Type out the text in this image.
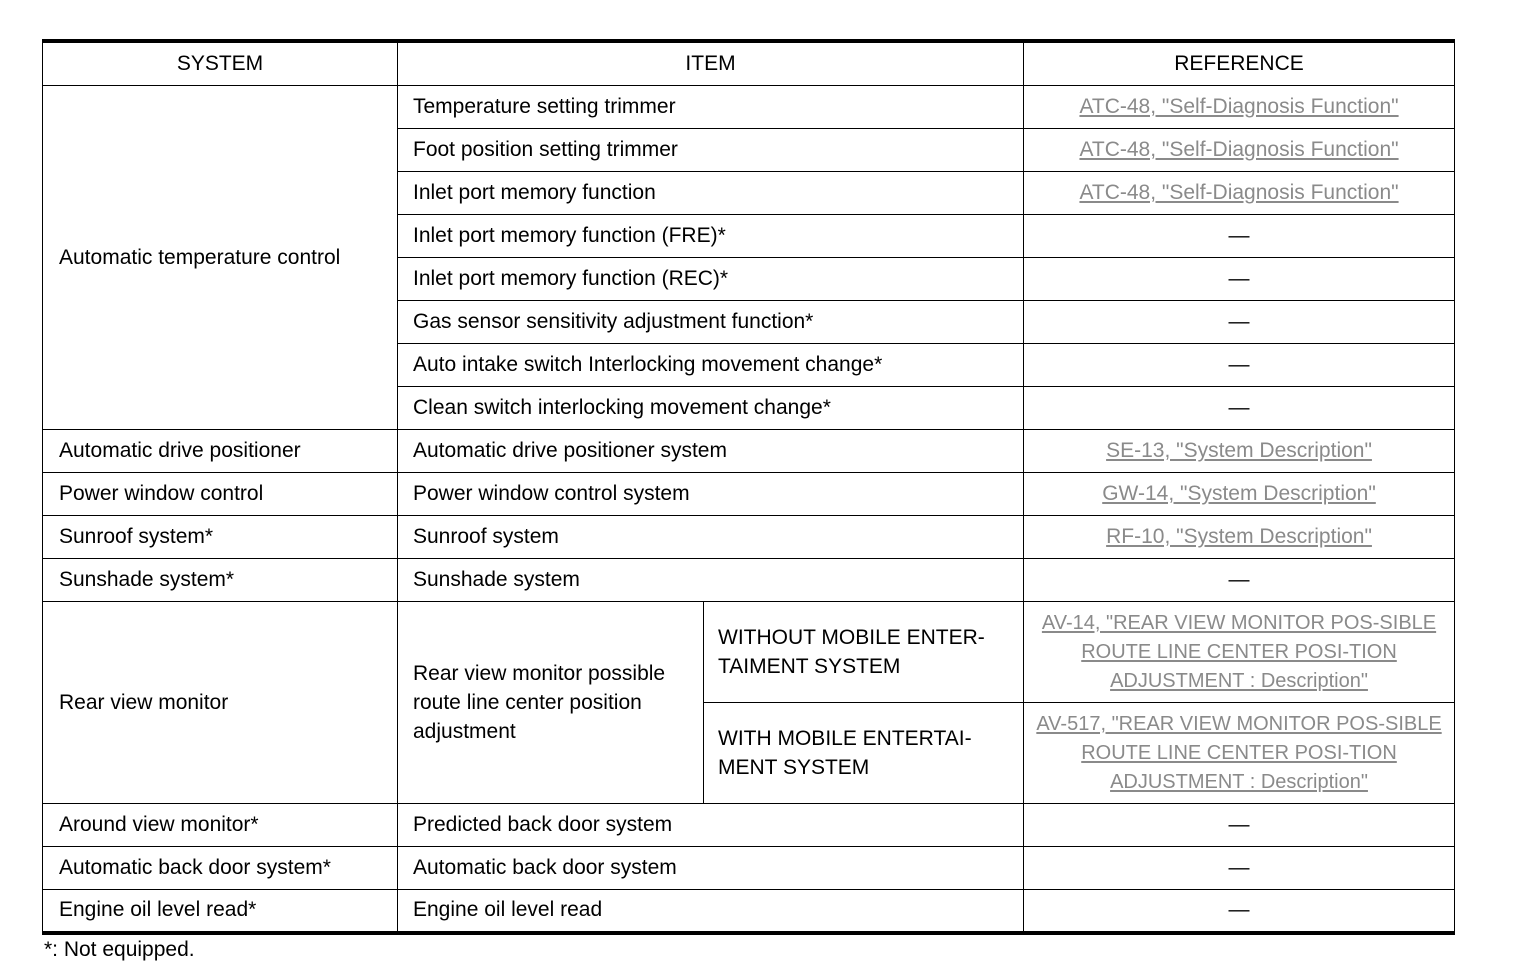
SYSTEM	ITEM		REFERENCE
Automatic temperature control	Temperature setting trimmer		ATC-48, "Self-Diagnosis Function"
	Foot position setting trimmer		ATC-48, "Self-Diagnosis Function"
	Inlet port memory function		ATC-48, "Self-Diagnosis Function"
	Inlet port memory function (FRE)*		—
	Inlet port memory function (REC)*		—
	Gas sensor sensitivity adjustment function*		—
	Auto intake switch Interlocking movement change*		—
	Clean switch interlocking movement change*		—
Automatic drive positioner	Automatic drive positioner system		SE-13, "System Description"
Power window control	Power window control system		GW-14, "System Description"
Sunroof system*	Sunroof system		RF-10, "System Description"
Sunshade system*	Sunshade system		—
Rear view monitor	Rear view monitor possible route line center position adjustment	WITHOUT MOBILE ENTER-TAIMENT SYSTEM	AV-14, "REAR VIEW MONITOR POS-SIBLE ROUTE LINE CENTER POSI-TION ADJUSTMENT : Description"
		WITH MOBILE ENTERTAI-MENT SYSTEM	AV-517, "REAR VIEW MONITOR POS-SIBLE ROUTE LINE CENTER POSI-TION ADJUSTMENT : Description"
Around view monitor*	Predicted back door system		—
Automatic back door system*	Automatic back door system		—
Engine oil level read*	Engine oil level read		—
*: Not equipped.
